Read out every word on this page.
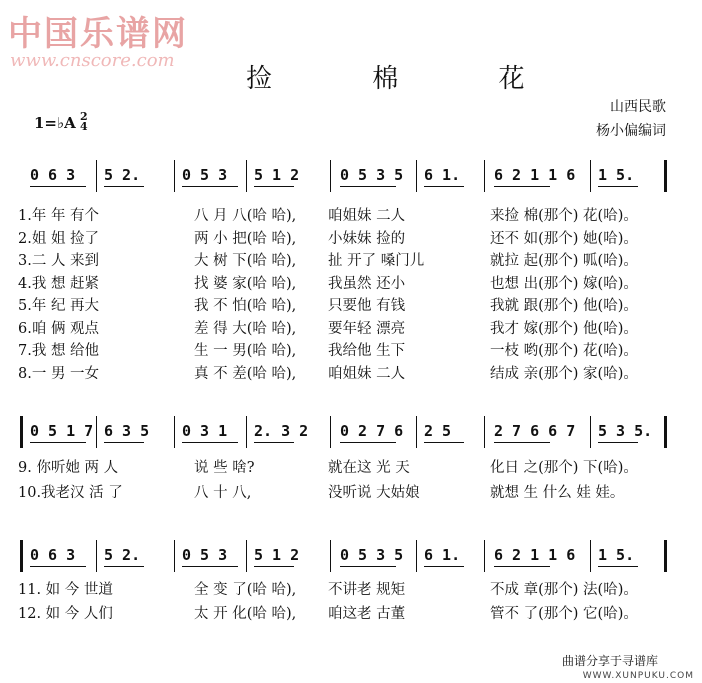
中国乐谱网
www.cnscore.com
捡 棉 花
山西民歌
杨小偏编词
1=♭A 2
4
0 6 3 5 2.	0 5 3 5 1 2	0 5 3 5 6 1. 6 2 1 1 6 1 5.
1.年 年 有个	八 月 八(哈 哈), 咱姐妹 二人	来捡 棉(那个) 花(哈)。
2.姐 姐 捡了	两 小 把(哈 哈), 小妹妹 捡的	还不 如(那个) 她(哈)。
3.二 人 来到	大 树 下(哈 哈), 扯 开了 嗓门儿	就拉 起(那个) 呱(哈)。
4.我 想 赶紧	找 婆 家(哈 哈), 我虽然 还小	也想 出(那个) 嫁(哈)。
5.年 纪 再大	我 不 怕(哈 哈), 只要他 有钱	我就 跟(那个) 他(哈)。
6.咱 俩 观点	差 得 大(哈 哈), 要年轻 漂亮	我才 嫁(那个) 他(哈)。
7.我 想 给他	生 一 男(哈 哈), 我给他 生下	一枝 哟(那个) 花(哈)。
8.一 男 一女	真 不 差(哈 哈), 咱姐妹 二人	结成 亲(那个) 家(哈)。
0 5 1 7 6 3 5 0 3 1 2. 3 2 0 2 7 6 2 5	2 7 6 6 7 5 3 5.
9. 你听她 两 人	说 些 啥?	就在这 光 天	化日 之(那个) 下(哈)。
10.我老汉 活 了	八 十 八,	没听说 大姑娘	就想 生 什么 娃 娃。
0 6 3 5 2.	0 5 3 5 1 2	0 5 3 5 6 1. 6 2 1 1 6 1 5.
11. 如 今 世道	全 变 了(哈 哈), 不讲老 规矩	不成 章(那个) 法(哈)。
12. 如 今 人们	太 开 化(哈 哈), 咱这老 古董	管不 了(那个) 它(哈)。
曲谱分享于寻谱库
WWW.XUNPUKU.COM
